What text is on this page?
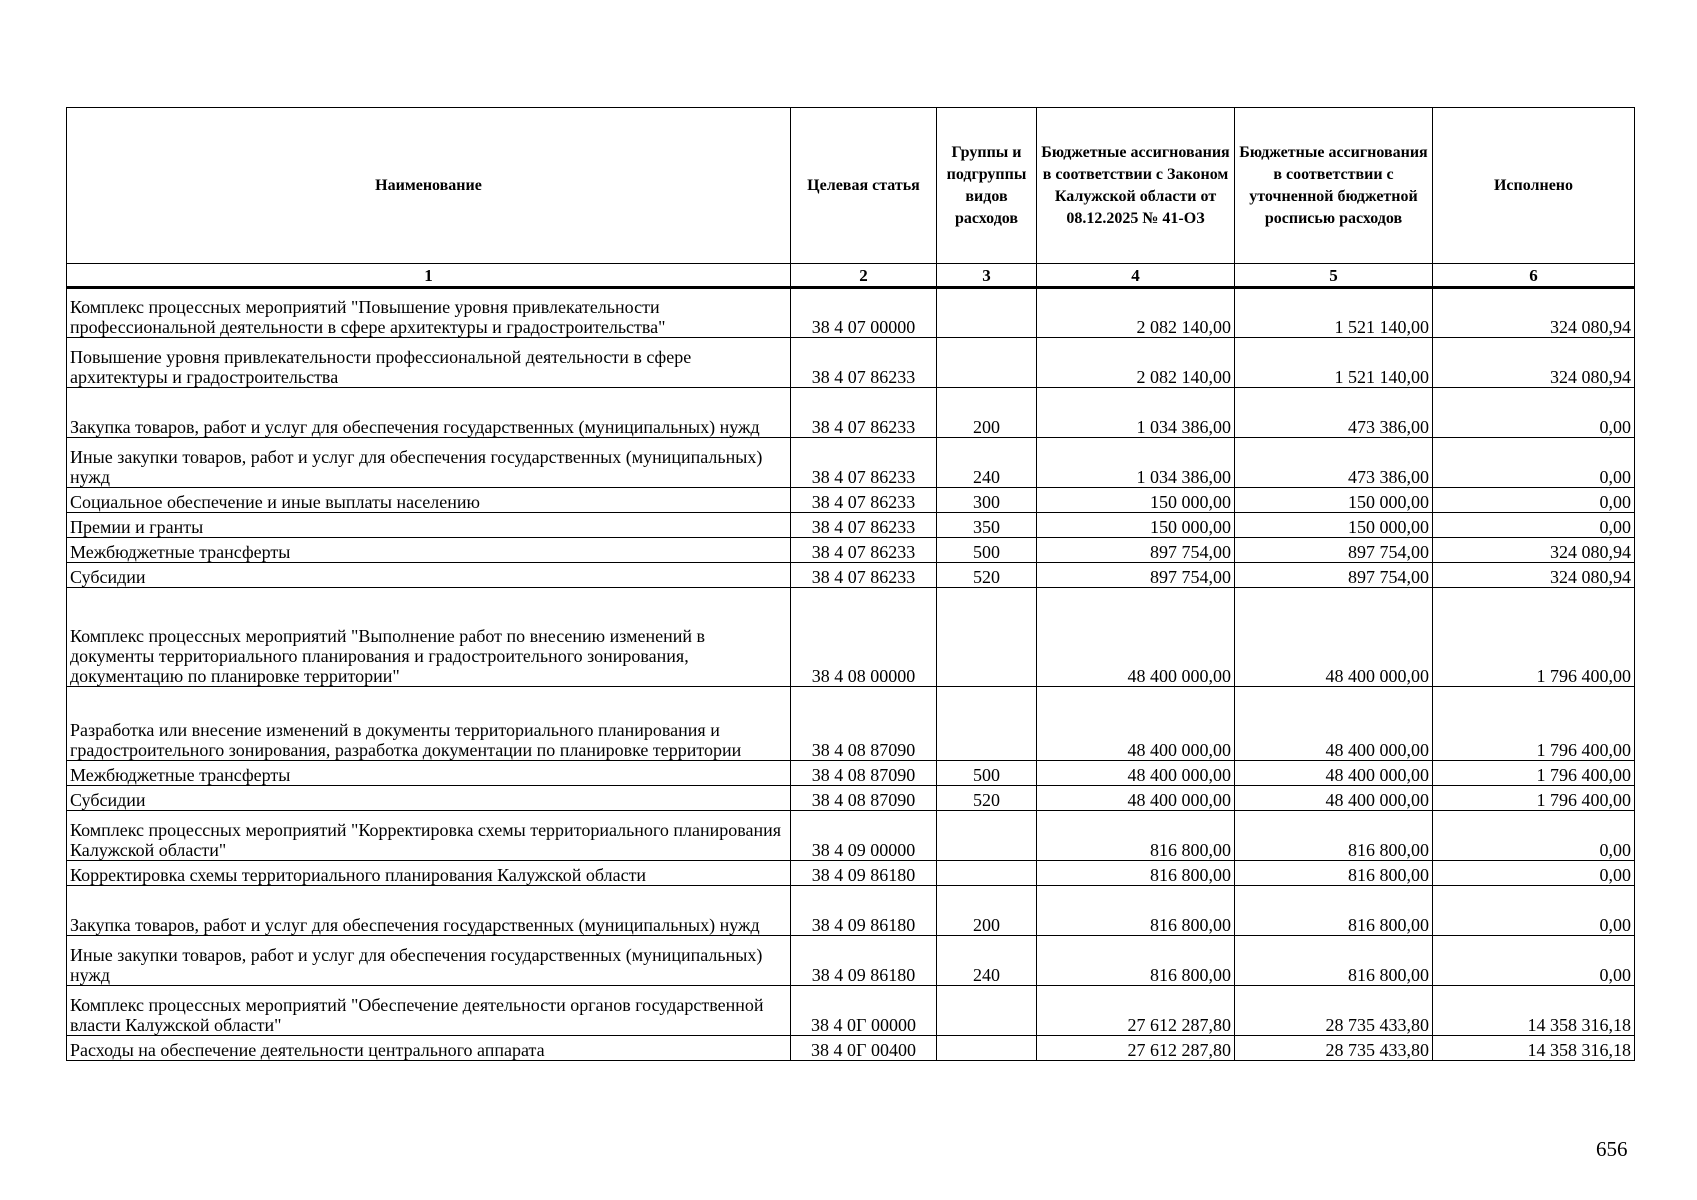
Наименование	Целевая статья	Группы и подгруппы видов расходов	Бюджетные ассигнования в соответствии с Законом Калужской области от 08.12.2025 № 41-ОЗ	Бюджетные ассигнования в соответствии с уточненной бюджетной росписью расходов	Исполнено
1	2	3	4	5	6
Комплекс процессных мероприятий "Повышение уровня привлекательности профессиональной деятельности в сфере архитектуры и градостроительства"	38 4 07 00000		2 082 140,00	1 521 140,00	324 080,94
Повышение уровня привлекательности профессиональной деятельности в сфере архитектуры и градостроительства	38 4 07 86233		2 082 140,00	1 521 140,00	324 080,94
Закупка товаров, работ и услуг для обеспечения государственных (муниципальных) нужд	38 4 07 86233	200	1 034 386,00	473 386,00	0,00
Иные закупки товаров, работ и услуг для обеспечения государственных (муниципальных) нужд	38 4 07 86233	240	1 034 386,00	473 386,00	0,00
Социальное обеспечение и иные выплаты населению	38 4 07 86233	300	150 000,00	150 000,00	0,00
Премии и гранты	38 4 07 86233	350	150 000,00	150 000,00	0,00
Межбюджетные трансферты	38 4 07 86233	500	897 754,00	897 754,00	324 080,94
Субсидии	38 4 07 86233	520	897 754,00	897 754,00	324 080,94
Комплекс процессных мероприятий "Выполнение работ по внесению изменений в документы территориального планирования и градостроительного зонирования, документацию по планировке территории"	38 4 08 00000		48 400 000,00	48 400 000,00	1 796 400,00
Разработка или внесение изменений в документы территориального планирования и градостроительного зонирования, разработка документации по планировке территории	38 4 08 87090		48 400 000,00	48 400 000,00	1 796 400,00
Межбюджетные трансферты	38 4 08 87090	500	48 400 000,00	48 400 000,00	1 796 400,00
Субсидии	38 4 08 87090	520	48 400 000,00	48 400 000,00	1 796 400,00
Комплекс процессных мероприятий "Корректировка схемы территориального планирования Калужской области"	38 4 09 00000		816 800,00	816 800,00	0,00
Корректировка схемы территориального планирования Калужской области	38 4 09 86180		816 800,00	816 800,00	0,00
Закупка товаров, работ и услуг для обеспечения государственных (муниципальных) нужд	38 4 09 86180	200	816 800,00	816 800,00	0,00
Иные закупки товаров, работ и услуг для обеспечения государственных (муниципальных) нужд	38 4 09 86180	240	816 800,00	816 800,00	0,00
Комплекс процессных мероприятий "Обеспечение деятельности органов государственной власти Калужской области"	38 4 0Г 00000		27 612 287,80	28 735 433,80	14 358 316,18
Расходы на обеспечение деятельности центрального аппарата	38 4 0Г 00400		27 612 287,80	28 735 433,80	14 358 316,18
656
